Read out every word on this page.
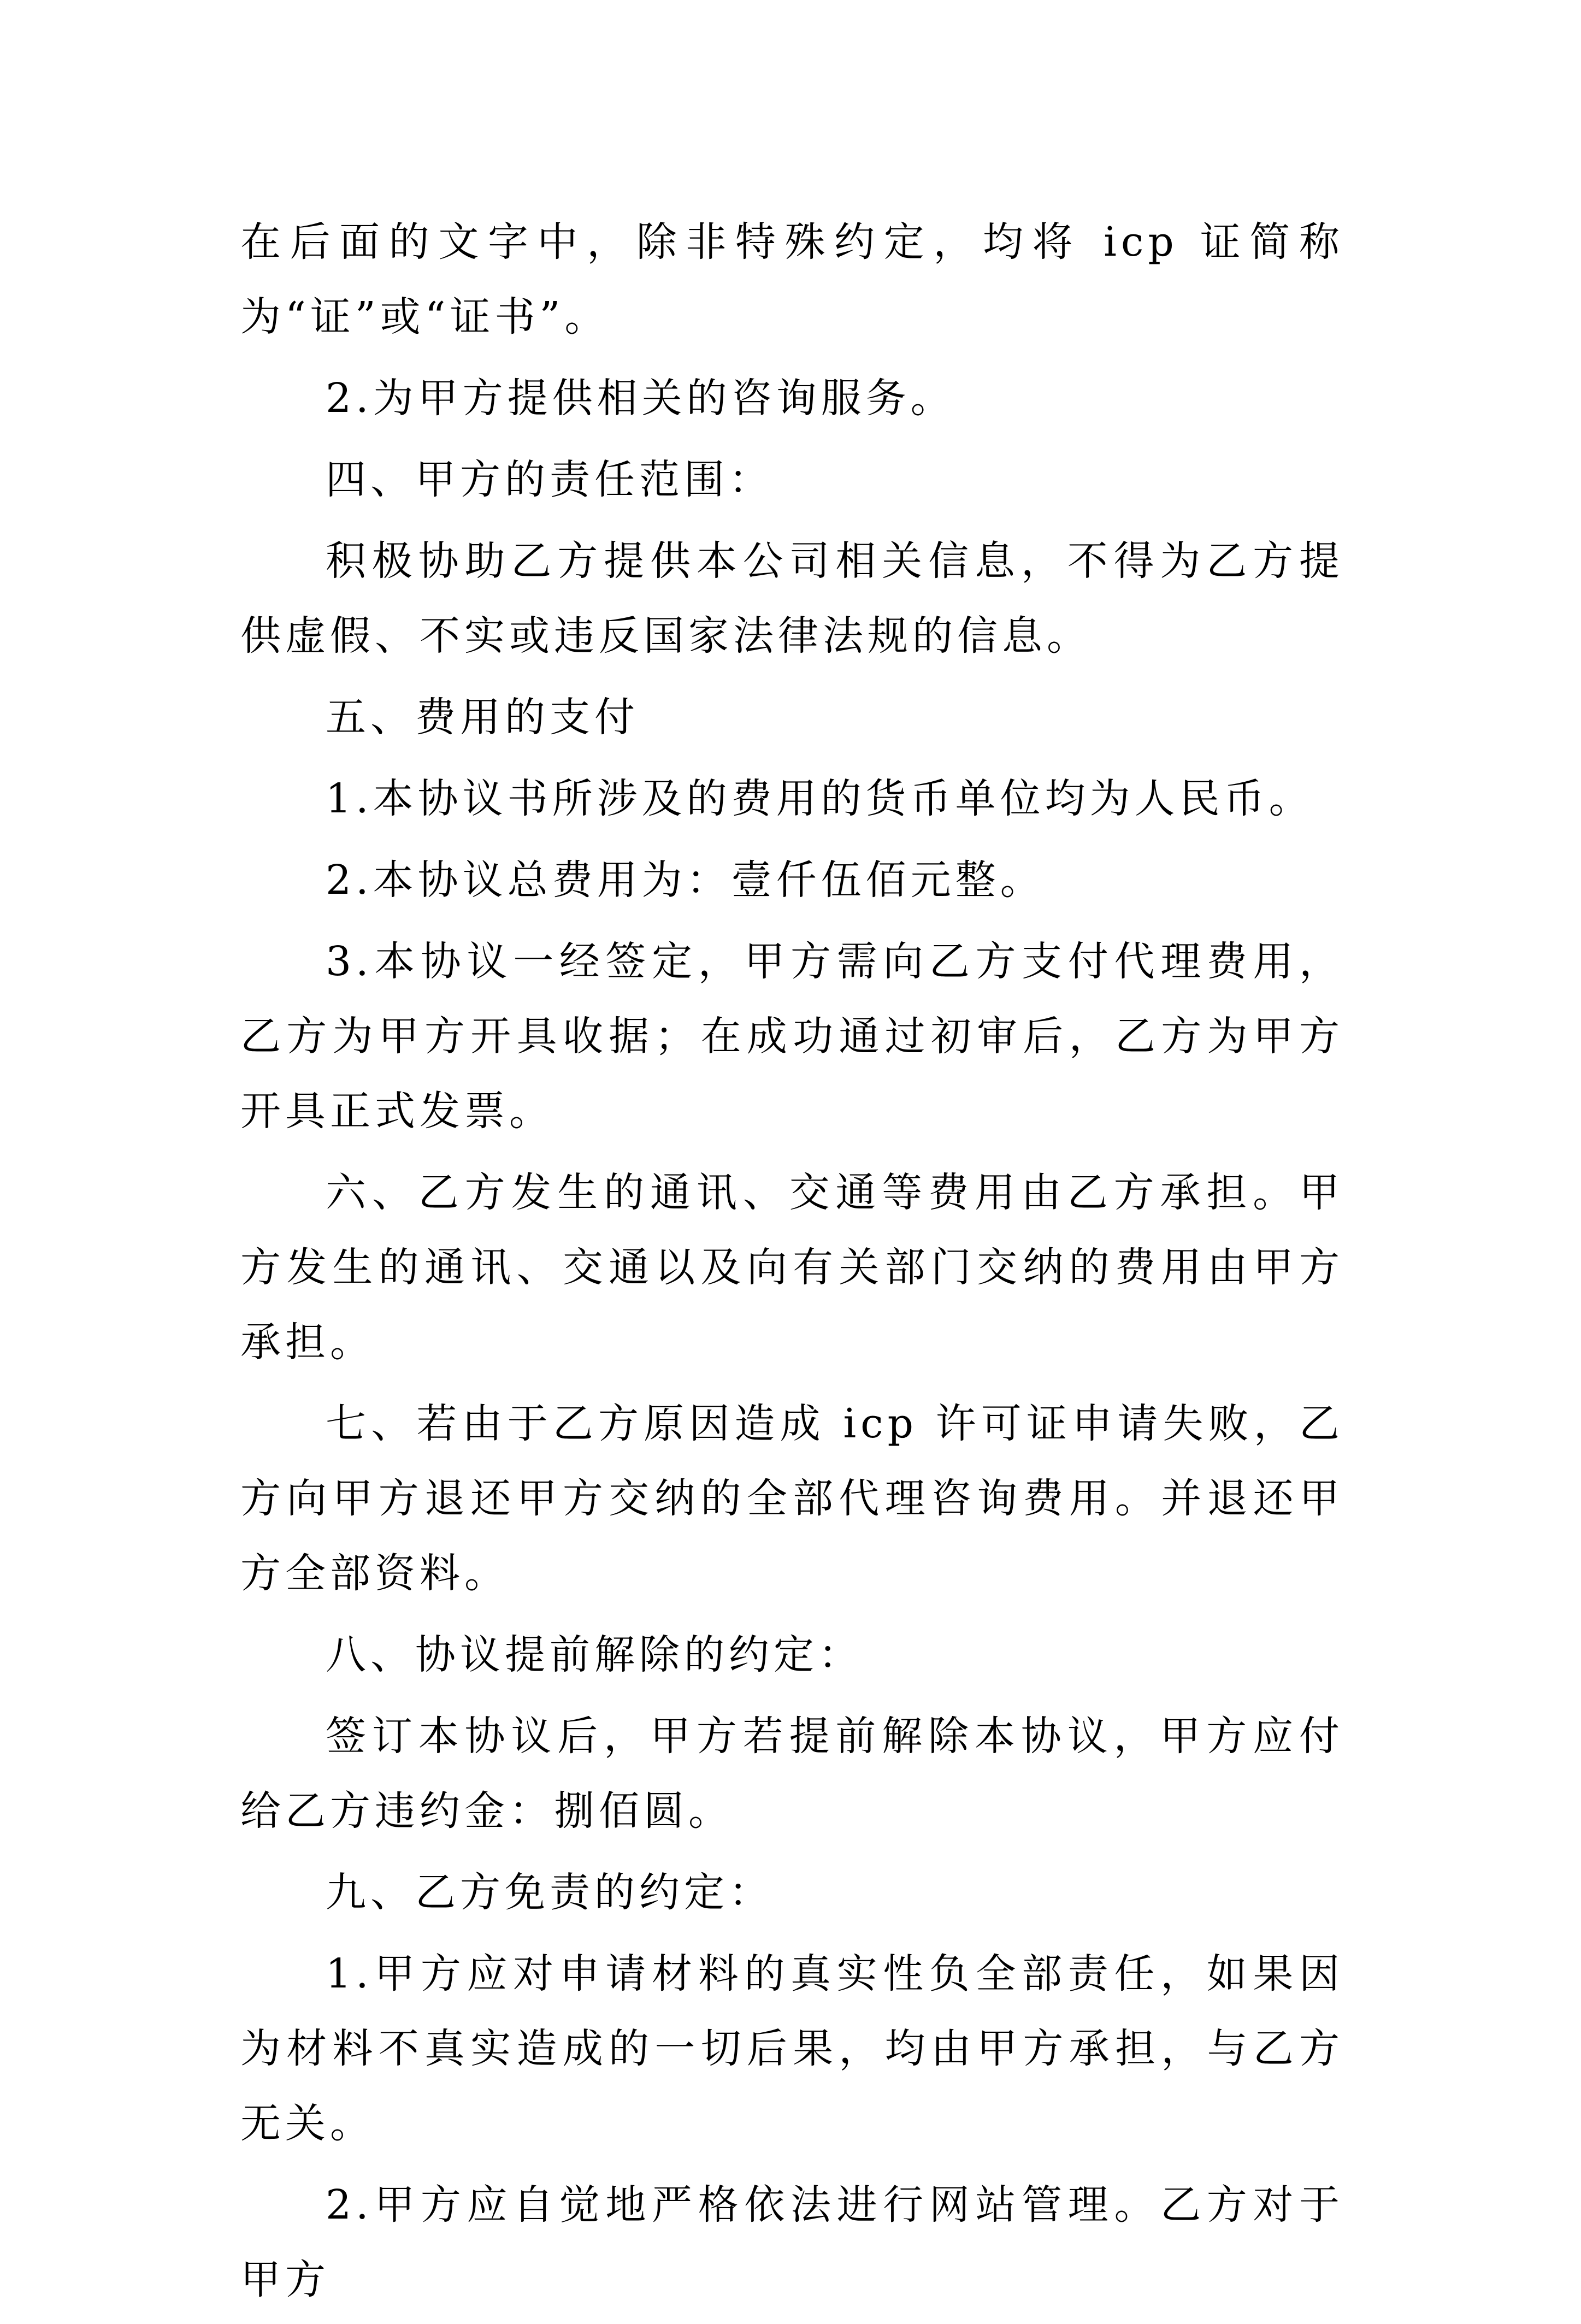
在后面的文字中，除非特殊约定，均将 icp 证简称为“证”或“证书”。

2.为甲方提供相关的咨询服务。

四、甲方的责任范围：

积极协助乙方提供本公司相关信息，不得为乙方提供虚假、不实或违反国家法律法规的信息。

五、费用的支付

1.本协议书所涉及的费用的货币单位均为人民币。

2.本协议总费用为：壹仟伍佰元整。

3.本协议一经签定，甲方需向乙方支付代理费用，乙方为甲方开具收据；在成功通过初审后，乙方为甲方开具正式发票。

六、乙方发生的通讯、交通等费用由乙方承担。甲方发生的通讯、交通以及向有关部门交纳的费用由甲方承担。

七、若由于乙方原因造成 icp 许可证申请失败，乙方向甲方退还甲方交纳的全部代理咨询费用。并退还甲方全部资料。

八、协议提前解除的约定：

签订本协议后，甲方若提前解除本协议，甲方应付给乙方违约金：捌佰圆。

九、乙方免责的约定：

1.甲方应对申请材料的真实性负全部责任，如果因为材料不真实造成的一切后果，均由甲方承担，与乙方无关。

2.甲方应自觉地严格依法进行网站管理。乙方对于甲方
